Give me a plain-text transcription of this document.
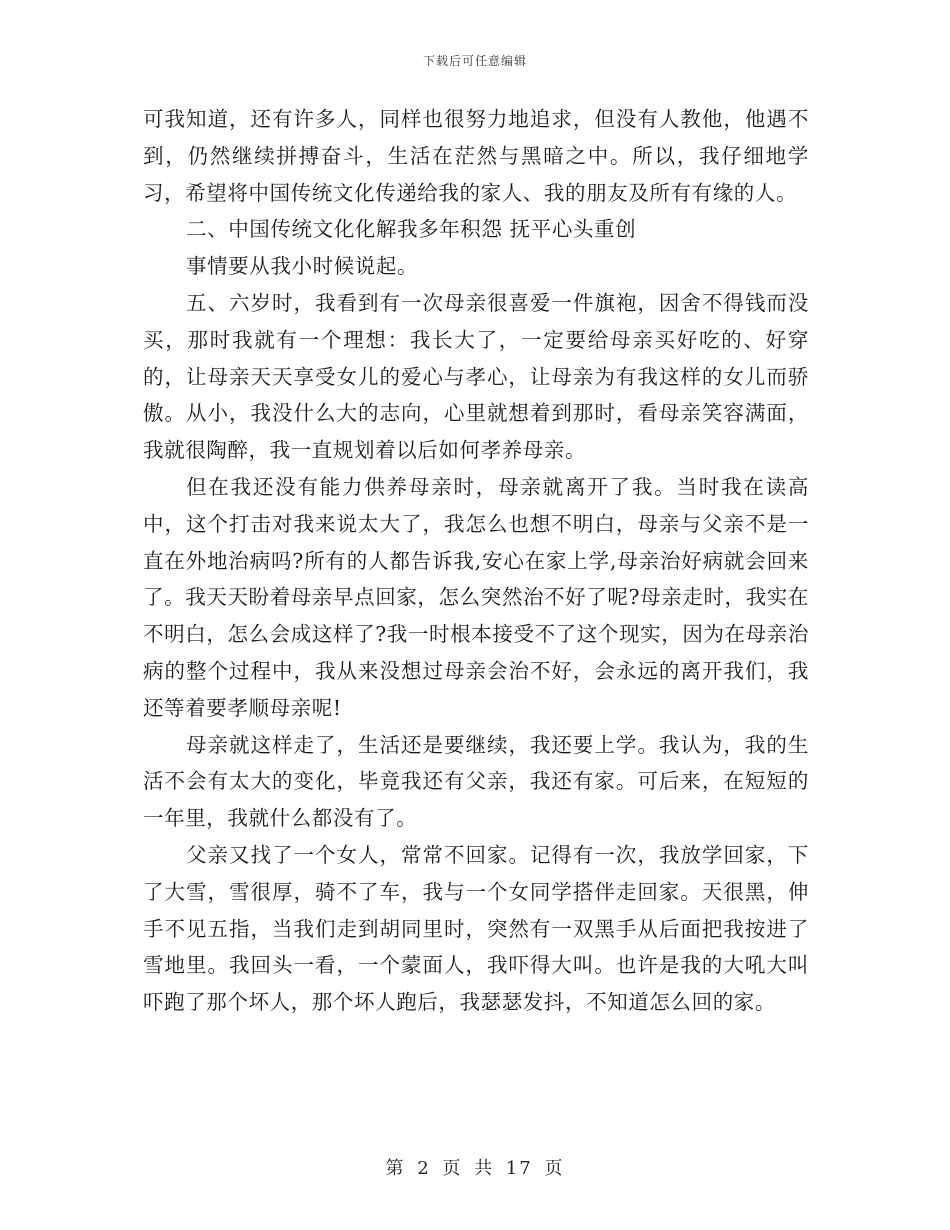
下载后可任意编辑

可我知道，还有许多人，同样也很努力地追求，但没有人教他，他遇不到，仍然继续拼搏奋斗，生活在茫然与黑暗之中。所以，我仔细地学习，希望将中国传统文化传递给我的家人、我的朋友及所有有缘的人。

二、中国传统文化化解我多年积怨 抚平心头重创

事情要从我小时候说起。

五、六岁时，我看到有一次母亲很喜爱一件旗袍，因舍不得钱而没买，那时我就有一个理想：我长大了，一定要给母亲买好吃的、好穿的，让母亲天天享受女儿的爱心与孝心，让母亲为有我这样的女儿而骄傲。从小，我没什么大的志向，心里就想着到那时，看母亲笑容满面，我就很陶醉，我一直规划着以后如何孝养母亲。

但在我还没有能力供养母亲时，母亲就离开了我。当时我在读高中，这个打击对我来说太大了，我怎么也想不明白，母亲与父亲不是一直在外地治病吗?所有的人都告诉我,安心在家上学,母亲治好病就会回来了。我天天盼着母亲早点回家，怎么突然治不好了呢?母亲走时，我实在不明白，怎么会成这样了?我一时根本接受不了这个现实，因为在母亲治病的整个过程中，我从来没想过母亲会治不好，会永远的离开我们，我还等着要孝顺母亲呢!

母亲就这样走了，生活还是要继续，我还要上学。我认为，我的生活不会有太大的变化，毕竟我还有父亲，我还有家。可后来，在短短的一年里，我就什么都没有了。

父亲又找了一个女人，常常不回家。记得有一次，我放学回家，下了大雪，雪很厚，骑不了车，我与一个女同学搭伴走回家。天很黑，伸手不见五指，当我们走到胡同里时，突然有一双黑手从后面把我按进了雪地里。我回头一看，一个蒙面人，我吓得大叫。也许是我的大吼大叫吓跑了那个坏人，那个坏人跑后，我瑟瑟发抖，不知道怎么回的家。

第 2 页 共 17 页
